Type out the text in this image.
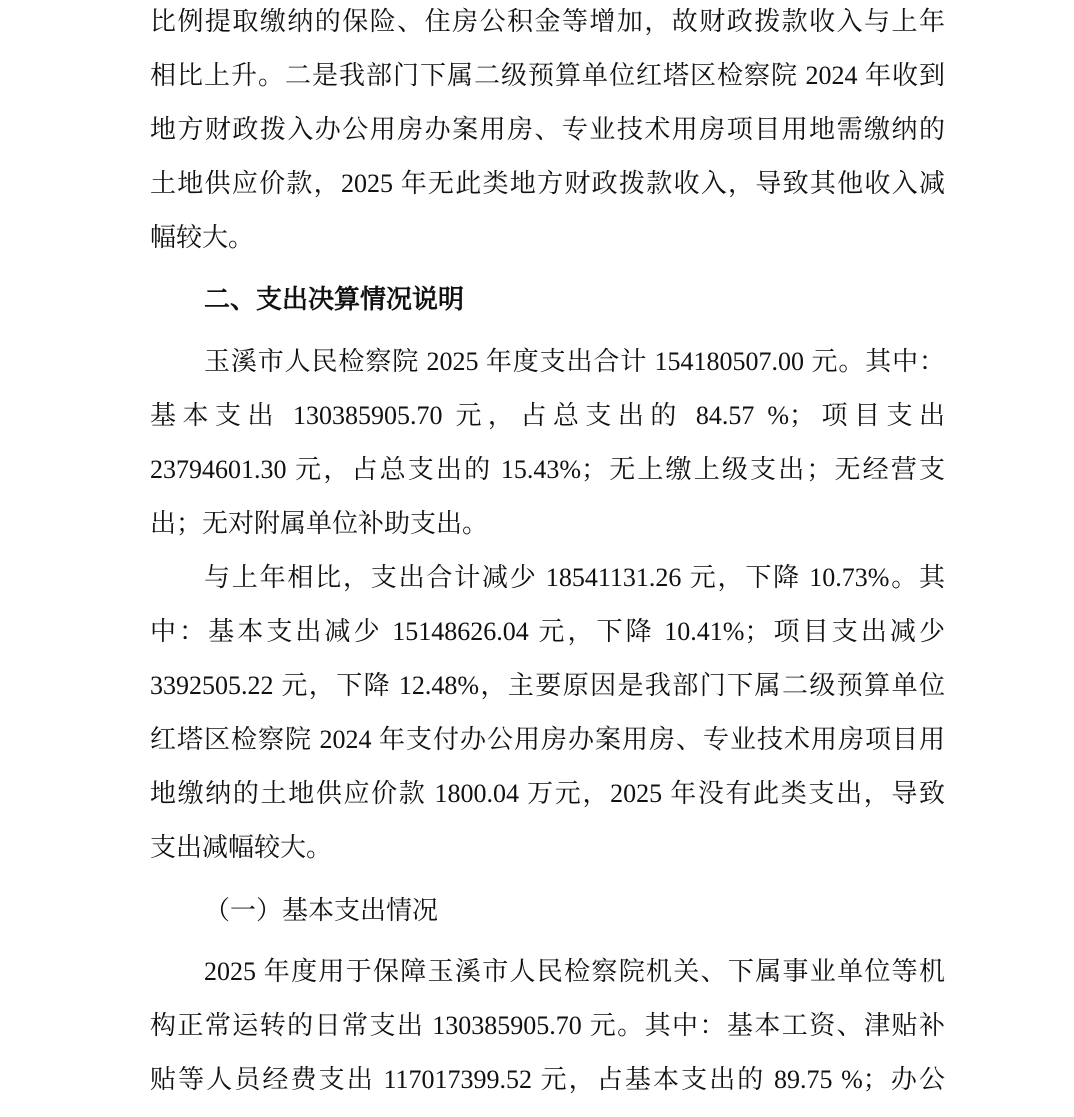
比例提取缴纳的保险、住房公积金等增加，故财政拨款收入与上年
相比上升。二是我部门下属二级预算单位红塔区检察院 2024 年收到
地方财政拨入办公用房办案用房、专业技术用房项目用地需缴纳的
土地供应价款，2025 年无此类地方财政拨款收入，导致其他收入减
幅较大。
二、支出决算情况说明
玉溪市人民检察院 2025 年度支出合计 154180507.00 元。其中：
基本支出 130385905.70 元，占总支出的 84.57 %；项目支出
23794601.30 元，占总支出的 15.43%；无上缴上级支出；无经营支
出；无对附属单位补助支出。
与上年相比，支出合计减少 18541131.26 元，下降 10.73%。其
中：基本支出减少 15148626.04 元，下降 10.41%；项目支出减少
3392505.22 元，下降 12.48%，主要原因是我部门下属二级预算单位
红塔区检察院 2024 年支付办公用房办案用房、专业技术用房项目用
地缴纳的土地供应价款 1800.04 万元，2025 年没有此类支出，导致
支出减幅较大。
（一）基本支出情况
2025 年度用于保障玉溪市人民检察院机关、下属事业单位等机
构正常运转的日常支出 130385905.70 元。其中：基本工资、津贴补
贴等人员经费支出 117017399.52 元，占基本支出的 89.75 %；办公
